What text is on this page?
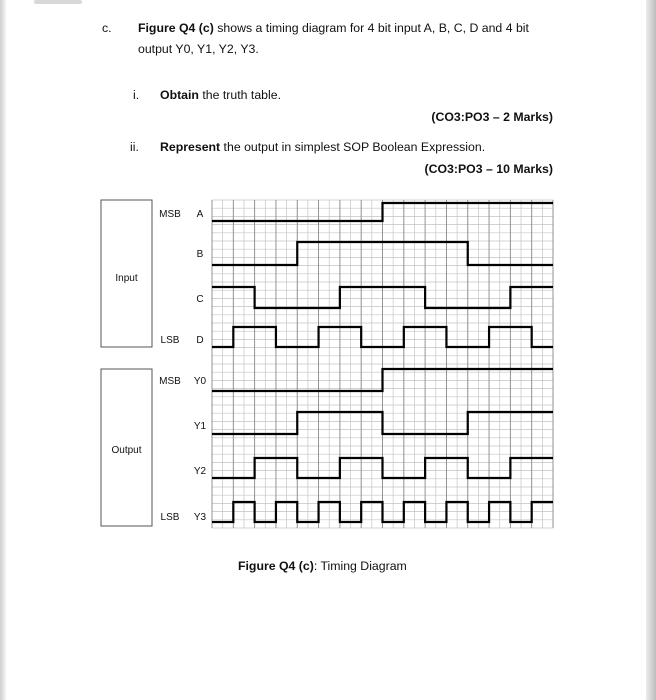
c. Figure Q4 (c) shows a timing diagram for 4 bit input A, B, C, D and 4 bit
output Y0, Y1, Y2, Y3.
i. Obtain the truth table.
(CO3:PO3 – 2 Marks)
ii. Represent the output in simplest SOP Boolean Expression.
(CO3:PO3 – 10 Marks)
Input
Output
A
MSB
B
C
D
LSB
Y0
MSB
Y1
Y2
Y3
LSB
Figure Q4 (c): Timing Diagram
